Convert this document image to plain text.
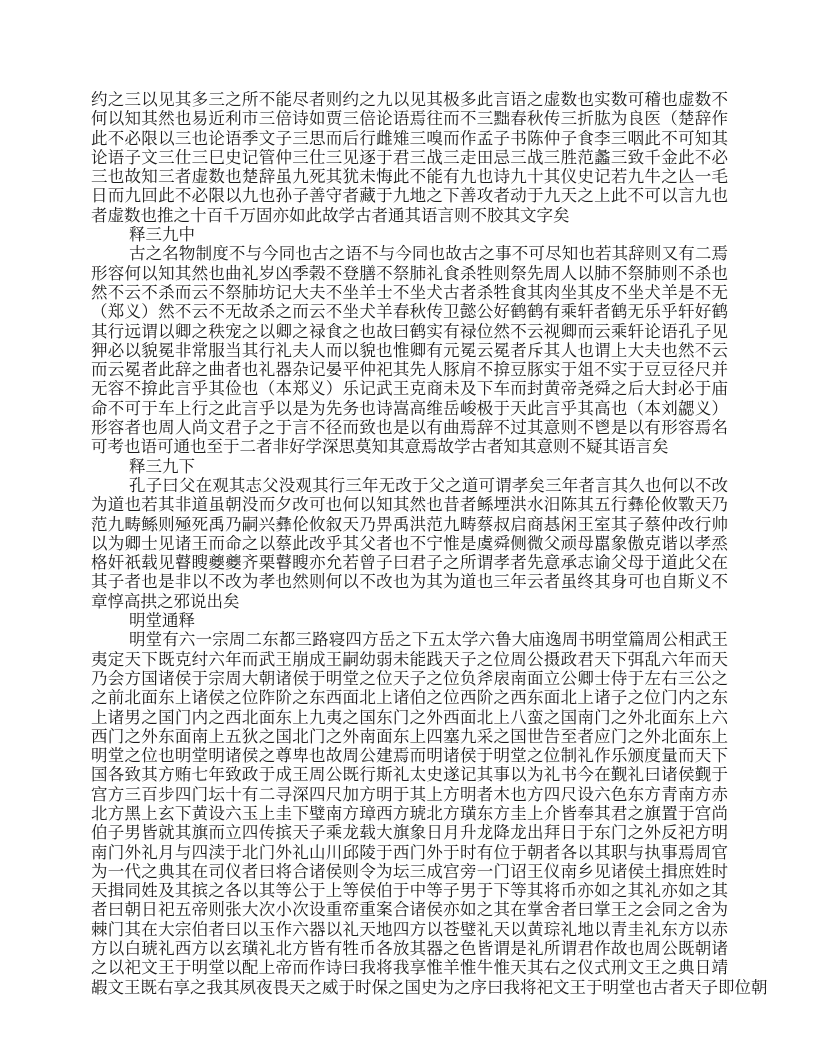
约之三以见其多三之所不能尽者则约之九以见其极多此言语之虚数也实数可稽也虚数不
何以知其然也易近利市三倍诗如贾三倍论语焉往而不三黜春秋传三折肱为良医（楚辞作
此不必限以三也论语季文子三思而后行雌雉三嗅而作孟子书陈仲子食李三咽此不可知其
论语子文三仕三巳史记管仲三仕三见逐于君三战三走田忌三战三胜范蠡三致千金此不必
三也故知三者虚数也楚辞虽九死其犹未悔此不能有九也诗九十其仪史记若九牛之亾一毛
日而九回此不必限以九也孙子善守者藏于九地之下善攻者动于九天之上此不可以言九也
者虚数也推之十百千万固亦如此故学古者通其语言则不胶其文字矣
释三九中
古之名物制度不与今同也古之语不与今同也故古之事不可尽知也若其辞则又有二焉
形容何以知其然也曲礼岁凶季榖不登膳不祭肺礼食杀牲则祭先周人以肺不祭肺则不杀也
然不云不杀而云不祭肺坊记大夫不坐羊士不坐犬古者杀牲食其肉坐其皮不坐犬羊是不无
（郑义）然不云不无故杀之而云不坐犬羊春秋传卫懿公好鹤鹤有乘轩者鹤无乐乎轩好鹤
其行远谓以卿之秩宠之以卿之禄食之也故曰鹤实有禄位然不云视卿而云乘轩论语孔子见
狎必以貌冕非常服当其行礼夫人而以貌也惟卿有元冕云冕者斥其人也谓上大夫也然不云
而云冕者此辞之曲者也礼器杂记晏平仲祀其先人豚肩不揜豆豚实于俎不实于豆豆径尺并
无容不揜此言乎其俭也（本郑义）乐记武王克商未及下车而封黄帝尧舜之后大封必于庙
命不可于车上行之此言乎以是为先务也诗嵩高维岳峻极于天此言乎其高也（本刘勰义）
形容者也周人尚文君子之于言不径而致也是以有曲焉辞不过其意则不鬯是以有形容焉名
可考也语可通也至于二者非好学深思莫知其意焉故学古者知其意则不疑其语言矣
释三九下
孔子曰父在观其志父没观其行三年无改于父之道可谓孝矣三年者言其久也何以不改
为道也若其非道虽朝没而夕改可也何以知其然也昔者鲧堙洪水汨陈其五行彝伦攸斁天乃
范九畴鲧则殛死禹乃嗣兴彝伦攸叙天乃畀禹洪范九畴蔡叔启商惎闲王室其子蔡仲改行帅
以为卿士见诸王而命之以蔡此改乎其父者也不宁惟是虞舜侧微父顽母嚚象傲克谐以孝烝
格奸祇载见瞽瞍夔夔齐栗瞽瞍亦允若曾子曰君子之所谓孝者先意承志谕父母于道此父在
其子者也是非以不改为孝也然则何以不改也为其为道也三年云者虽终其身可也自斯义不
章惇高拱之邪说出矣
明堂通释
明堂有六一宗周二东都三路寝四方岳之下五太学六鲁大庙逸周书明堂篇周公相武王
夷定天下既克纣六年而武王崩成王嗣幼弱未能践天子之位周公摄政君天下弭乱六年而天
乃会方国诸侯于宗周大朝诸侯于明堂之位天子之位负斧扆南面立公卿士侍于左右三公之
之前北面东上诸侯之位阼阶之东西面北上诸伯之位西阶之西东面北上诸子之位门内之东
上诸男之国门内之西北面东上九夷之国东门之外西面北上八蛮之国南门之外北面东上六
西门之外东面南上五狄之国北门之外南面东上四塞九采之国世告至者应门之外北面东上
明堂之位也明堂明诸侯之尊卑也故周公建焉而明诸侯于明堂之位制礼作乐颁度量而天下
国各致其方贿七年致政于成王周公既行斯礼太史遂记其事以为礼书今在觐礼曰诸侯觐于
宫方三百步四门坛十有二寻深四尺加方明于其上方明者木也方四尺设六色东方青南方赤
北方黑上玄下黄设六玉上圭下璧南方璋西方琥北方璜东方圭上介皆奉其君之旗置于宫尚
伯子男皆就其旗而立四传摈天子乘龙载大旗象日月升龙降龙出拜日于东门之外反祀方明
南门外礼月与四渎于北门外礼山川邱陵于西门外于时有位于朝者各以其职与执事焉周官
为一代之典其在司仪者曰将合诸侯则令为坛三成宫旁一门诏王仪南乡见诸侯土揖庶姓时
天揖同姓及其摈之各以其等公于上等侯伯于中等子男于下等其将币亦如之其礼亦如之其
者曰朝日祀五帝则张大次小次设重帟重案合诸侯亦如之其在掌舍者曰掌王之会同之舍为
棘门其在大宗伯者曰以玉作六器以礼天地四方以苍璧礼天以黄琮礼地以青圭礼东方以赤
方以白琥礼西方以玄璜礼北方皆有牲币各放其器之色皆谓是礼所谓君作故也周公既朝诸
之以祀文王于明堂以配上帝而作诗曰我将我享惟羊惟牛惟天其右之仪式刑文王之典日靖
嘏文王既右享之我其夙夜畏天之威于时保之国史为之序曰我将祀文王于明堂也古者天子即位朝
